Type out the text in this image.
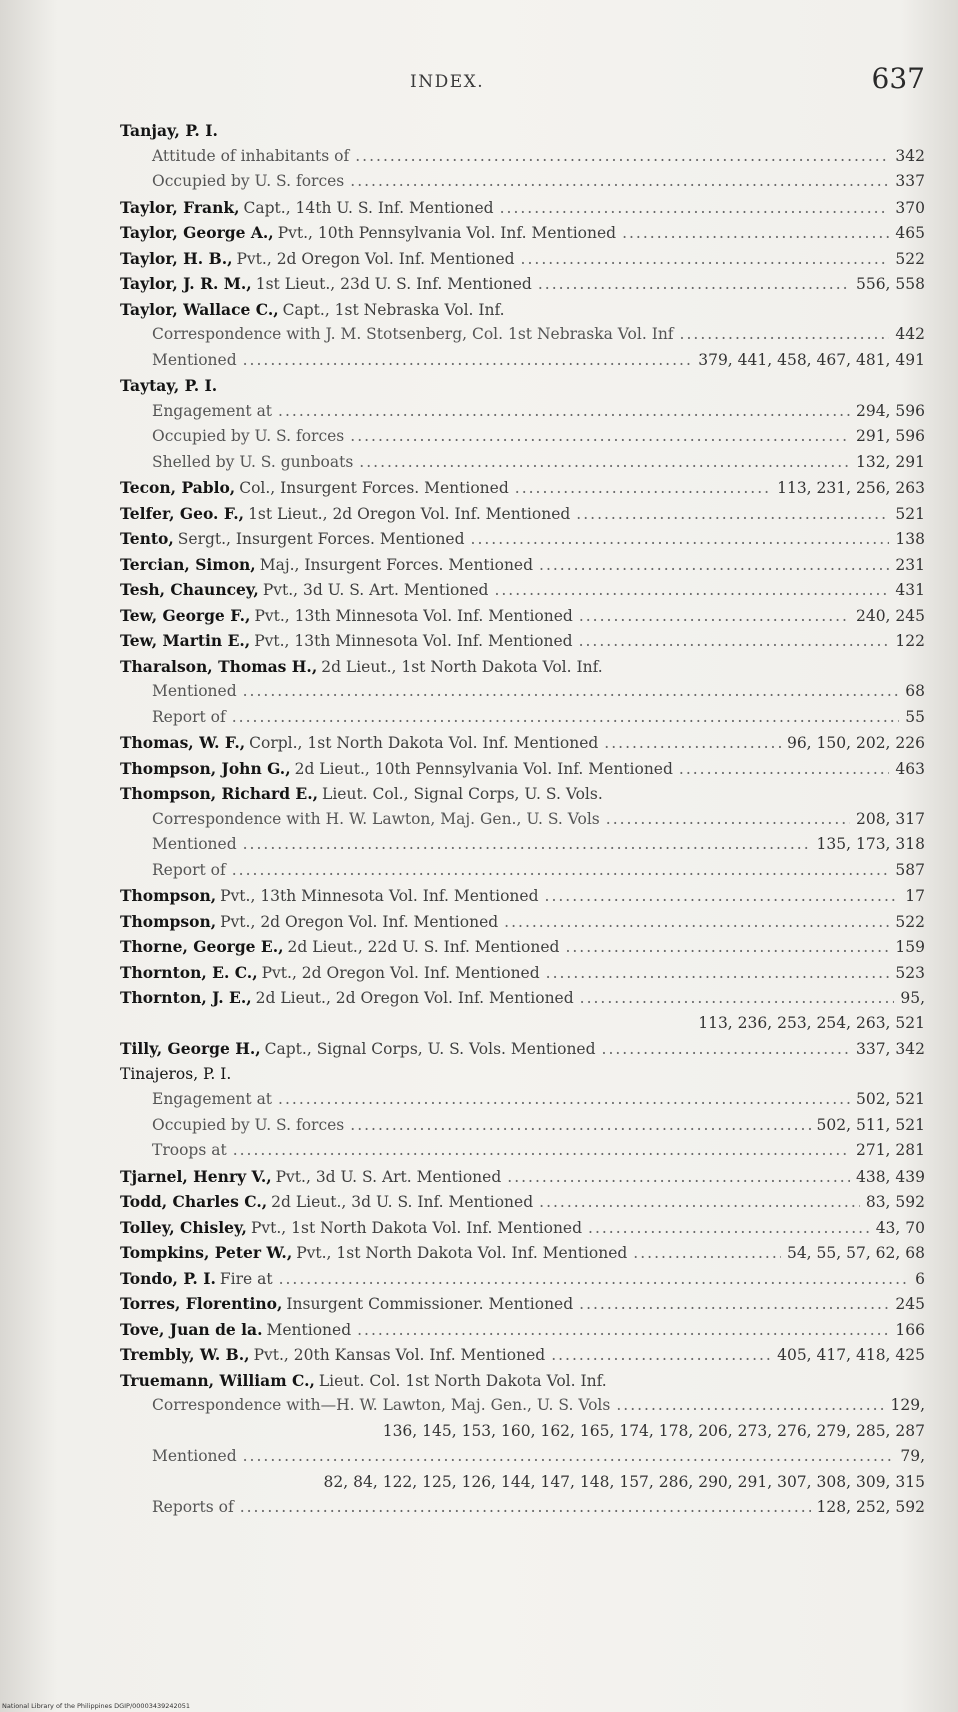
INDEX.	637
Tanjay, P. I.
Attitude of inhabitants of .....	342
Occupied by U. S. forces .....	337
Taylor, Frank, Capt., 14th U. S. Inf. Mentioned .....	370
Taylor, George A., Pvt., 10th Pennsylvania Vol. Inf. Mentioned .....	465
Taylor, H. B., Pvt., 2d Oregon Vol. Inf. Mentioned .....	522
Taylor, J. R. M., 1st Lieut., 23d U. S. Inf. Mentioned .....	556, 558
Taylor, Wallace C., Capt., 1st Nebraska Vol. Inf.
Correspondence with J. M. Stotsenberg, Col. 1st Nebraska Vol. Inf .....	442
Mentioned .....	379, 441, 458, 467, 481, 491
Taytay, P. I.
Engagement at .....	294, 596
Occupied by U. S. forces .....	291, 596
Shelled by U. S. gunboats .....	132, 291
Tecon, Pablo, Col., Insurgent Forces. Mentioned .....	113, 231, 256, 263
Telfer, Geo. F., 1st Lieut., 2d Oregon Vol. Inf. Mentioned .....	521
Tento, Sergt., Insurgent Forces. Mentioned .....	138
Tercian, Simon, Maj., Insurgent Forces. Mentioned .....	231
Tesh, Chauncey, Pvt., 3d U. S. Art. Mentioned .....	431
Tew, George F., Pvt., 13th Minnesota Vol. Inf. Mentioned .....	240, 245
Tew, Martin E., Pvt., 13th Minnesota Vol. Inf. Mentioned .....	122
Tharalson, Thomas H., 2d Lieut., 1st North Dakota Vol. Inf.
Mentioned .....	68
Report of .....	55
Thomas, W. F., Corpl., 1st North Dakota Vol. Inf. Mentioned .....	96, 150, 202, 226
Thompson, John G., 2d Lieut., 10th Pennsylvania Vol. Inf. Mentioned .....	463
Thompson, Richard E., Lieut. Col., Signal Corps, U. S. Vols.
Correspondence with H. W. Lawton, Maj. Gen., U. S. Vols .....	208, 317
Mentioned .....	135, 173, 318
Report of .....	587
Thompson, Pvt., 13th Minnesota Vol. Inf. Mentioned .....	17
Thompson, Pvt., 2d Oregon Vol. Inf. Mentioned .....	522
Thorne, George E., 2d Lieut., 22d U. S. Inf. Mentioned .....	159
Thornton, E. C., Pvt., 2d Oregon Vol. Inf. Mentioned .....	523
Thornton, J. E., 2d Lieut., 2d Oregon Vol. Inf. Mentioned .....	95,
113, 236, 253, 254, 263, 521
Tilly, George H., Capt., Signal Corps, U. S. Vols. Mentioned .....	337, 342
Tinajeros, P. I.
Engagement at .....	502, 521
Occupied by U. S. forces .....	502, 511, 521
Troops at .....	271, 281
Tjarnel, Henry V., Pvt., 3d U. S. Art. Mentioned .....	438, 439
Todd, Charles C., 2d Lieut., 3d U. S. Inf. Mentioned .....	83, 592
Tolley, Chisley, Pvt., 1st North Dakota Vol. Inf. Mentioned .....	43, 70
Tompkins, Peter W., Pvt., 1st North Dakota Vol. Inf. Mentioned .....	54, 55, 57, 62, 68
Tondo, P. I. Fire at .....	6
Torres, Florentino, Insurgent Commissioner. Mentioned .....	245
Tove, Juan de la. Mentioned .....	166
Trembly, W. B., Pvt., 20th Kansas Vol. Inf. Mentioned .....	405, 417, 418, 425
Truemann, William C., Lieut. Col. 1st North Dakota Vol. Inf.
Correspondence with—H. W. Lawton, Maj. Gen., U. S. Vols .....	129,
136, 145, 153, 160, 162, 165, 174, 178, 206, 273, 276, 279, 285, 287
Mentioned .....	79,
82, 84, 122, 125, 126, 144, 147, 148, 157, 286, 290, 291, 307, 308, 309, 315
Reports of .....	128, 252, 592
National Library of the Philippines DGIP/00003439242051
